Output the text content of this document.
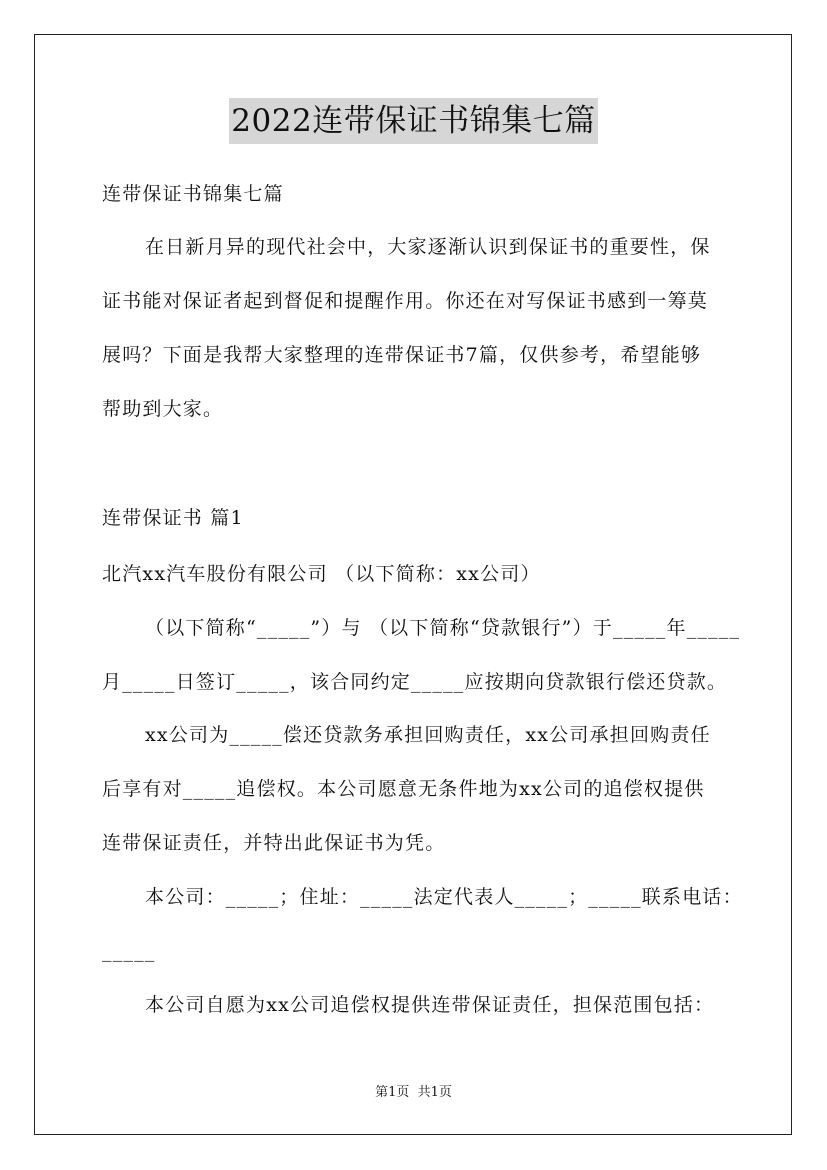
2022连带保证书锦集七篇
连带保证书锦集七篇
在日新月异的现代社会中，大家逐渐认识到保证书的重要性，保
证书能对保证者起到督促和提醒作用。你还在对写保证书感到一筹莫
展吗？下面是我帮大家整理的连带保证书7篇，仅供参考，希望能够
帮助到大家。
连带保证书 篇1
北汽xx汽车股份有限公司 （以下简称：xx公司）
（以下简称“_____”）与 （以下简称“贷款银行”）于_____年_____
月_____日签订_____，该合同约定_____应按期向贷款银行偿还贷款。
xx公司为_____偿还贷款务承担回购责任，xx公司承担回购责任
后享有对_____追偿权。本公司愿意无条件地为xx公司的追偿权提供
连带保证责任，并特出此保证书为凭。
本公司：_____；住址：_____法定代表人_____；_____联系电话：
_____
本公司自愿为xx公司追偿权提供连带保证责任，担保范围包括：
第1页  共1页
